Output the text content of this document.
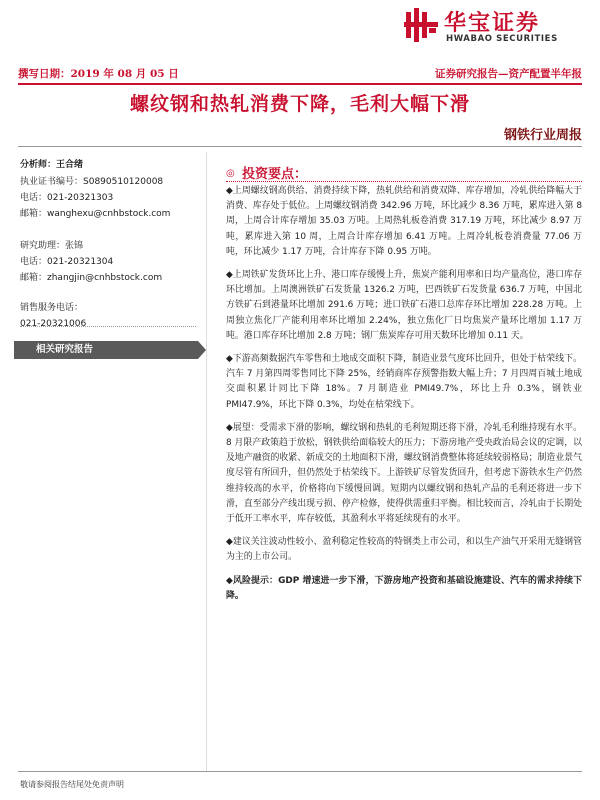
华宝证券
HWABAO SECURITIES
撰写日期：2019 年 08 月 05 日	证券研究报告—资产配置半年报
螺纹钢和热轧消费下降，毛利大幅下滑
钢铁行业周报
分析师：王合绪
执业证书编号：S0890510120008
电话：021-20321303
邮箱：wanghexu@cnhbstock.com
研究助理：张锦
电话：021-20321304
邮箱：zhangjin@cnhbstock.com
销售服务电话：
021-20321006
相关研究报告
◎ 投资要点：
◆上周螺纹钢高供给、消费持续下降，热轧供给和消费双降、库存增加，冷轧供给降幅大于消费、库存处于低位。上周螺纹钢消费 342.96 万吨，环比减少 8.36 万吨，累库进入第 8 周，上周合计库存增加 35.03 万吨。上周热轧板卷消费 317.19 万吨，环比减少 8.97 万吨，累库进入第 10 周，上周合计库存增加 6.41 万吨。上周冷轧板卷消费量 77.06 万吨，环比减少 1.17 万吨，合计库存下降 0.95 万吨。
◆上周铁矿发货环比上升、港口库存缓慢上升，焦炭产能利用率和日均产量高位，港口库存环比增加。上周澳洲铁矿石发货量 1326.2 万吨，巴西铁矿石发货量 636.7 万吨，中国北方铁矿石到港量环比增加 291.6 万吨；进口铁矿石港口总库存环比增加 228.28 万吨。上周独立焦化厂产能利用率环比增加 2.24%，独立焦化厂日均焦炭产量环比增加 1.17 万吨。港口库存环比增加 2.8 万吨；钢厂焦炭库存可用天数环比增加 0.11 天。
◆下游高频数据汽车零售和土地成交面积下降，制造业景气度环比回升，但处于枯荣线下。汽车 7 月第四周零售同比下降 25%，经销商库存预警指数大幅上升；7 月四周百城土地成交面积累计同比下降 18%。7 月制造业 PMI49.7%，环比上升 0.3%，钢铁业 PMI47.9%，环比下降 0.3%，均处在枯荣线下。
◆展望：受需求下滑的影响，螺纹钢和热轧的毛利短期还将下滑，冷轧毛利维持现有水平。8 月限产政策趋于放松，钢铁供给面临较大的压力；下游房地产受央政治局会议的定调，以及地产融资的收紧、新成交的土地面积下滑，螺纹钢消费整体将延续较弱格局；制造业景气度尽管有所回升，但仍然处于枯荣线下。上游铁矿尽管发货回升，但考虑下游铁水生产仍然维持较高的水平，价格将向下缓慢回调。短期内以螺纹钢和热轧产品的毛利还将进一步下滑，直至部分产线出现亏损、停产检修，使得供需重归平衡。相比较而言，冷轧由于长期处于低开工率水平，库存较低，其盈利水平将延续现有的水平。
◆建议关注波动性较小、盈利稳定性较高的特钢类上市公司，和以生产油气开采用无缝钢管为主的上市公司。
◆风险提示：GDP 增速进一步下滑，下游房地产投资和基础设施建设、汽车的需求持续下降。
敬请参阅报告结尾处免责声明
